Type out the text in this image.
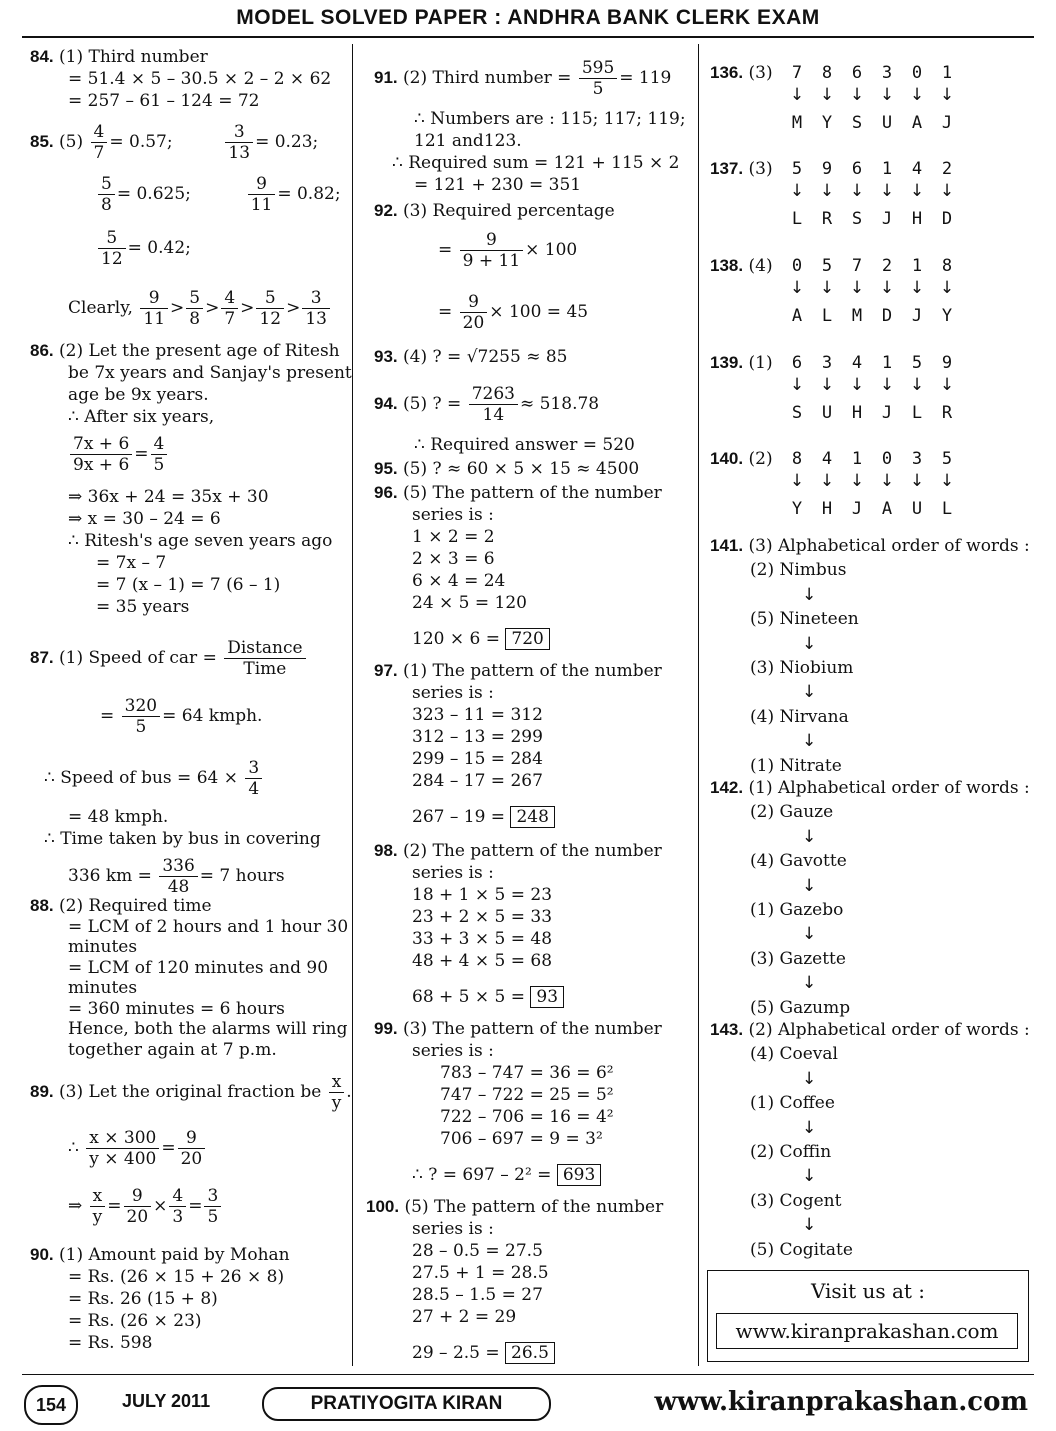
MODEL SOLVED PAPER : ANDHRA BANK CLERK EXAM
84. (1) Third number
= 51.4 × 5 – 30.5 × 2 – 2 × 62
= 257 – 61 – 124 = 72
85. $(5) \frac{4}{7} = 0.57$;	$\frac{3}{13} = 0.23$;
$\frac{5}{8} = 0.625$;	$\frac{9}{11} = 0.82$;
$\frac{5}{12} = 0.42$;
Clearly, $\frac{9}{11} > \frac{5}{8} > \frac{4}{7} > \frac{5}{12} > \frac{3}{13}$
86. (2) Let the present age of Ritesh
be 7x years and Sanjay's present
age be 9x years.
∴ After six years,
$\frac{7x + 6}{9x + 6} = \frac{4}{5}$
⇒ 36x + 24 = 35x + 30
⇒ x = 30 – 24 = 6
∴ Ritesh's age seven years ago
= 7x – 7
= 7 (x – 1) = 7 (6 – 1)
= 35 years
87. (1) Speed of car = $\frac{\text{Distance}}{\text{Time}}$
= $\frac{320}{5} = 64$ kmph.
∴ Speed of bus = $64 \times \frac{3}{4}$
= 48 kmph.
∴ Time taken by bus in covering
336 km = $\frac{336}{48} = 7$ hours
88. (2) Required time
= LCM of 2 hours and 1 hour 30
minutes
= LCM of 120 minutes and 90
minutes
= 360 minutes = 6 hours
Hence, both the alarms will ring
together again at 7 p.m.
89. (3) Let the original fraction be $\frac{x}{y}$ .
∴ $\frac{x \times 300}{y \times 400} = \frac{9}{20}$
⇒ $\frac{x}{y} = \frac{9}{20} \times \frac{4}{3} = \frac{3}{5}$
90. (1) Amount paid by Mohan
= Rs. (26 × 15 + 26 × 8)
= Rs. 26 (15 + 8)
= Rs. (26 × 23)
= Rs. 598
91. (2) Third number = $\frac{595}{5} = 119$
∴ Numbers are : 115; 117; 119;
121 and123.
∴ Required sum = 121 + 115 × 2
= 121 + 230 = 351
92. (3) Required percentage
= $\frac{9}{9 + 11} \times 100$
= $\frac{9}{20} \times 100 = 45$
93. (4) ? = √7255 ≈ 85
94. (5) ? = $\frac{7263}{14} \approx 518.78$
∴ Required answer = 520
95. (5) ? ≈ 60 × 5 × 15 ≈ 4500
96. (5) The pattern of the number
series is :
1 × 2 = 2
2 × 3 = 6
6 × 4 = 24
24 × 5 = 120
120 × 6 = 720
97. (1) The pattern of the number
series is :
323 – 11 = 312
312 – 13 = 299
299 – 15 = 284
284 – 17 = 267
267 – 19 = 248
98. (2) The pattern of the number
series is :
18 + 1 × 5 = 23
23 + 2 × 5 = 33
33 + 3 × 5 = 48
48 + 4 × 5 = 68
68 + 5 × 5 = 93
99. (3) The pattern of the number
series is :
783 – 747 = 36 = 6²
747 – 722 = 25 = 5²
722 – 706 = 16 = 4²
706 – 697 = 9 = 3²
∴ ? = 697 – 2² = 693
100. (5) The pattern of the number
series is :
28 – 0.5 = 27.5
27.5 + 1 = 28.5
28.5 – 1.5 = 27
27 + 2 = 29
29 – 2.5 = 26.5
136. (3)	7 8 6 3 0 1
↓ ↓ ↓ ↓ ↓ ↓
M Y S U A J
137. (3)	5 9 6 1 4 2
↓ ↓ ↓ ↓ ↓ ↓
L R S J H D
138. (4)	0 5 7 2 1 8
↓ ↓ ↓ ↓ ↓ ↓
A L M D J Y
139. (1)	6 3 4 1 5 9
↓ ↓ ↓ ↓ ↓ ↓
S U H J L R
140. (2)	8 4 1 0 3 5
↓ ↓ ↓ ↓ ↓ ↓
Y H J A U L
141. (3) Alphabetical order of words :
(2) Nimbus
↓
(5) Nineteen
↓
(3) Niobium
↓
(4) Nirvana
↓
(1) Nitrate
142. (1) Alphabetical order of words :
(2) Gauze
↓
(4) Gavotte
↓
(1) Gazebo
↓
(3) Gazette
↓
(5) Gazump
143. (2) Alphabetical order of words :
(4) Coeval
↓
(1) Coffee
↓
(2) Coffin
↓
(3) Cogent
↓
(5) Cogitate
Visit us at :
www.kiranprakashan.com
154	JULY 2011	PRATIYOGITA KIRAN	www.kiranprakashan.com
